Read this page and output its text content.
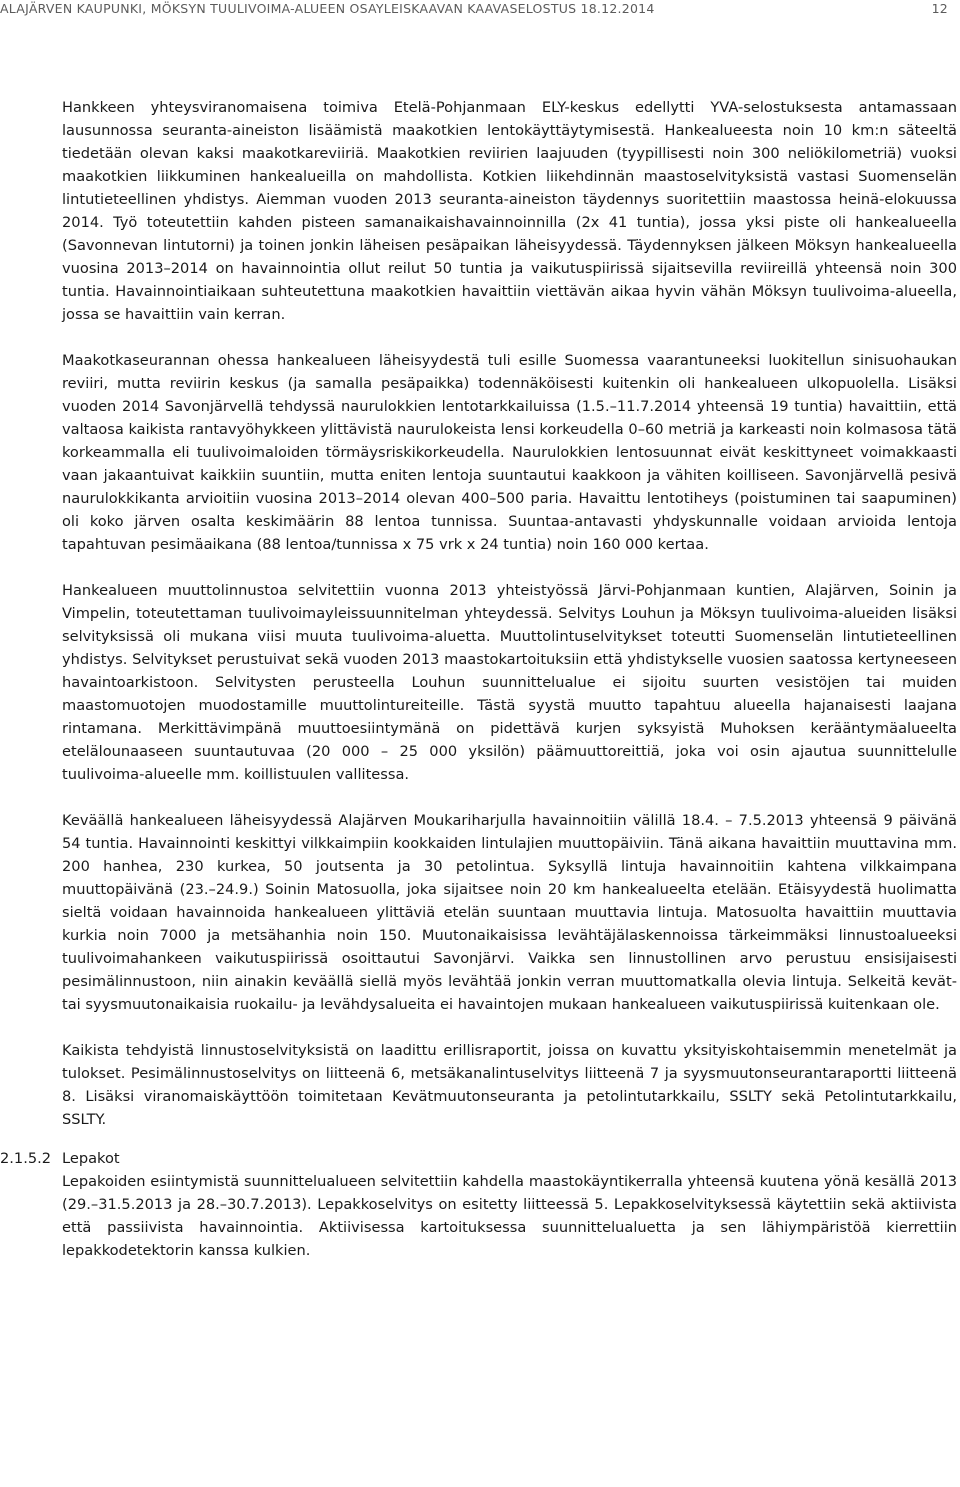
ALAJÄRVEN KAUPUNKI, MÖKSYN TUULIVOIMA-ALUEEN OSAYLEISKAAVAN KAAVASELOSTUS 18.12.2014	12

Hankkeen yhteysviranomaisena toimiva Etelä-Pohjanmaan ELY-keskus edellytti YVA-selostuksesta antamassaan lausunnossa seuranta-aineiston lisäämistä maakotkien lentokäyttäytymisestä. Hankealueesta noin 10 km:n säteeltä tiedetään olevan kaksi maakotkareviiriä. Maakotkien reviirien laajuuden (tyypillisesti noin 300 neliökilometriä) vuoksi maakotkien liikkuminen hankealueilla on mahdollista. Kotkien liikehdinnän maastoselvityksistä vastasi Suomenselän lintutieteellinen yhdistys. Aiemman vuoden 2013 seuranta-aineiston täydennys suoritettiin maastossa heinä-elokuussa 2014. Työ toteutettiin kahden pisteen samanaikaishavainnoinnilla (2x 41 tuntia), jossa yksi piste oli hankealueella (Savonnevan lintutorni) ja toinen jonkin läheisen pesäpaikan läheisyydessä. Täydennyksen jälkeen Möksyn hankealueella vuosina 2013–2014 on havainnointia ollut reilut 50 tuntia ja vaikutuspiirissä sijaitsevilla reviireillä yhteensä noin 300 tuntia. Havainnointiaikaan suhteutettuna maakotkien havaittiin viettävän aikaa hyvin vähän Möksyn tuulivoima-alueella, jossa se havaittiin vain kerran.

Maakotkaseurannan ohessa hankealueen läheisyydestä tuli esille Suomessa vaarantuneeksi luokitellun sinisuohaukan reviiri, mutta reviirin keskus (ja samalla pesäpaikka) todennäköisesti kuitenkin oli hankealueen ulkopuolella. Lisäksi vuoden 2014 Savonjärvellä tehdyssä naurulokkien lentotarkkailuissa (1.5.–11.7.2014 yhteensä 19 tuntia) havaittiin, että valtaosa kaikista rantavyöhykkeen ylittävistä naurulokeista lensi korkeudella 0–60 metriä ja karkeasti noin kolmasosa tätä korkeammalla eli tuulivoimaloiden törmäysriskikorkeudella. Naurulokkien lentosuunnat eivät keskittyneet voimakkaasti vaan jakaantuivat kaikkiin suuntiin, mutta eniten lentoja suuntautui kaakkoon ja vähiten koilliseen. Savonjärvellä pesivä naurulokkikanta arvioitiin vuosina 2013–2014 olevan 400–500 paria. Havaittu lentotiheys (poistuminen tai saapuminen) oli koko järven osalta keskimäärin 88 lentoa tunnissa. Suuntaa-antavasti yhdyskunnalle voidaan arvioida lentoja tapahtuvan pesimäaikana (88 lentoa/tunnissa x 75 vrk x 24 tuntia) noin 160 000 kertaa.

Hankealueen muuttolinnustoa selvitettiin vuonna 2013 yhteistyössä Järvi-Pohjanmaan kuntien, Alajärven, Soinin ja Vimpelin, toteutettaman tuulivoimayleissuunnitelman yhteydessä. Selvitys Louhun ja Möksyn tuulivoima-alueiden lisäksi selvityksissä oli mukana viisi muuta tuulivoima-aluetta. Muuttolintuselvitykset toteutti Suomenselän lintutieteellinen yhdistys. Selvitykset perustuivat sekä vuoden 2013 maastokartoituksiin että yhdistykselle vuosien saatossa kertyneeseen havaintoarkistoon. Selvitysten perusteella Louhun suunnittelualue ei sijoitu suurten vesistöjen tai muiden maastomuotojen muodostamille muuttolintureiteille. Tästä syystä muutto tapahtuu alueella hajanaisesti laajana rintamana. Merkittävimpänä muuttoesiintymänä on pidettävä kurjen syksyistä Muhoksen kerääntymäalueelta etelälounaaseen suuntautuvaa (20 000 – 25 000 yksilön) päämuuttoreittiä, joka voi osin ajautua suunnittelulle tuulivoima-alueelle mm. koillistuulen vallitessa.

Keväällä hankealueen läheisyydessä Alajärven Moukariharjulla havainnoitiin välillä 18.4. – 7.5.2013 yhteensä 9 päivänä 54 tuntia. Havainnointi keskittyi vilkkaimpiin kookkaiden lintulajien muuttopäiviin. Tänä aikana havaittiin muuttavina mm. 200 hanhea, 230 kurkea, 50 joutsenta ja 30 petolintua. Syksyllä lintuja havainnoitiin kahtena vilkkaimpana muuttopäivänä (23.–24.9.) Soinin Matosuolla, joka sijaitsee noin 20 km hankealueelta etelään. Etäisyydestä huolimatta sieltä voidaan havainnoida hankealueen ylittäviä etelän suuntaan muuttavia lintuja. Matosuolta havaittiin muuttavia kurkia noin 7000 ja metsähanhia noin 150. Muutonaikaisissa levähtäjälaskennoissa tärkeimmäksi linnustoalueeksi tuulivoimahankeen vaikutuspiirissä osoittautui Savonjärvi. Vaikka sen linnustollinen arvo perustuu ensisijaisesti pesimälinnustoon, niin ainakin keväällä siellä myös levähtää jonkin verran muuttomatkalla olevia lintuja. Selkeitä kevät- tai syysmuutonaikaisia ruokailu- ja levähdysalueita ei havaintojen mukaan hankealueen vaikutuspiirissä kuitenkaan ole.

Kaikista tehdyistä linnustoselvityksistä on laadittu erillisraportit, joissa on kuvattu yksityiskohtaisemmin menetelmät ja tulokset. Pesimälinnustoselvitys on liitteenä 6, metsäkanalintuselvitys liitteenä 7 ja syysmuutonseurantaraportti liitteenä 8. Lisäksi viranomaiskäyttöön toimitetaan Kevätmuutonseuranta ja petolintutarkkailu, SSLTY sekä Petolintutarkkailu, SSLTY.

2.1.5.2 Lepakot

Lepakoiden esiintymistä suunnittelualueen selvitettiin kahdella maastokäyntikerralla yhteensä kuutena yönä kesällä 2013 (29.–31.5.2013 ja 28.–30.7.2013). Lepakkoselvitys on esitetty liitteessä 5. Lepakkoselvityksessä käytettiin sekä aktiivista että passiivista havainnointia. Aktiivisessa kartoituksessa suunnittelualuetta ja sen lähiympäristöä kierrettiin lepakkodetektorin kanssa kulkien.
